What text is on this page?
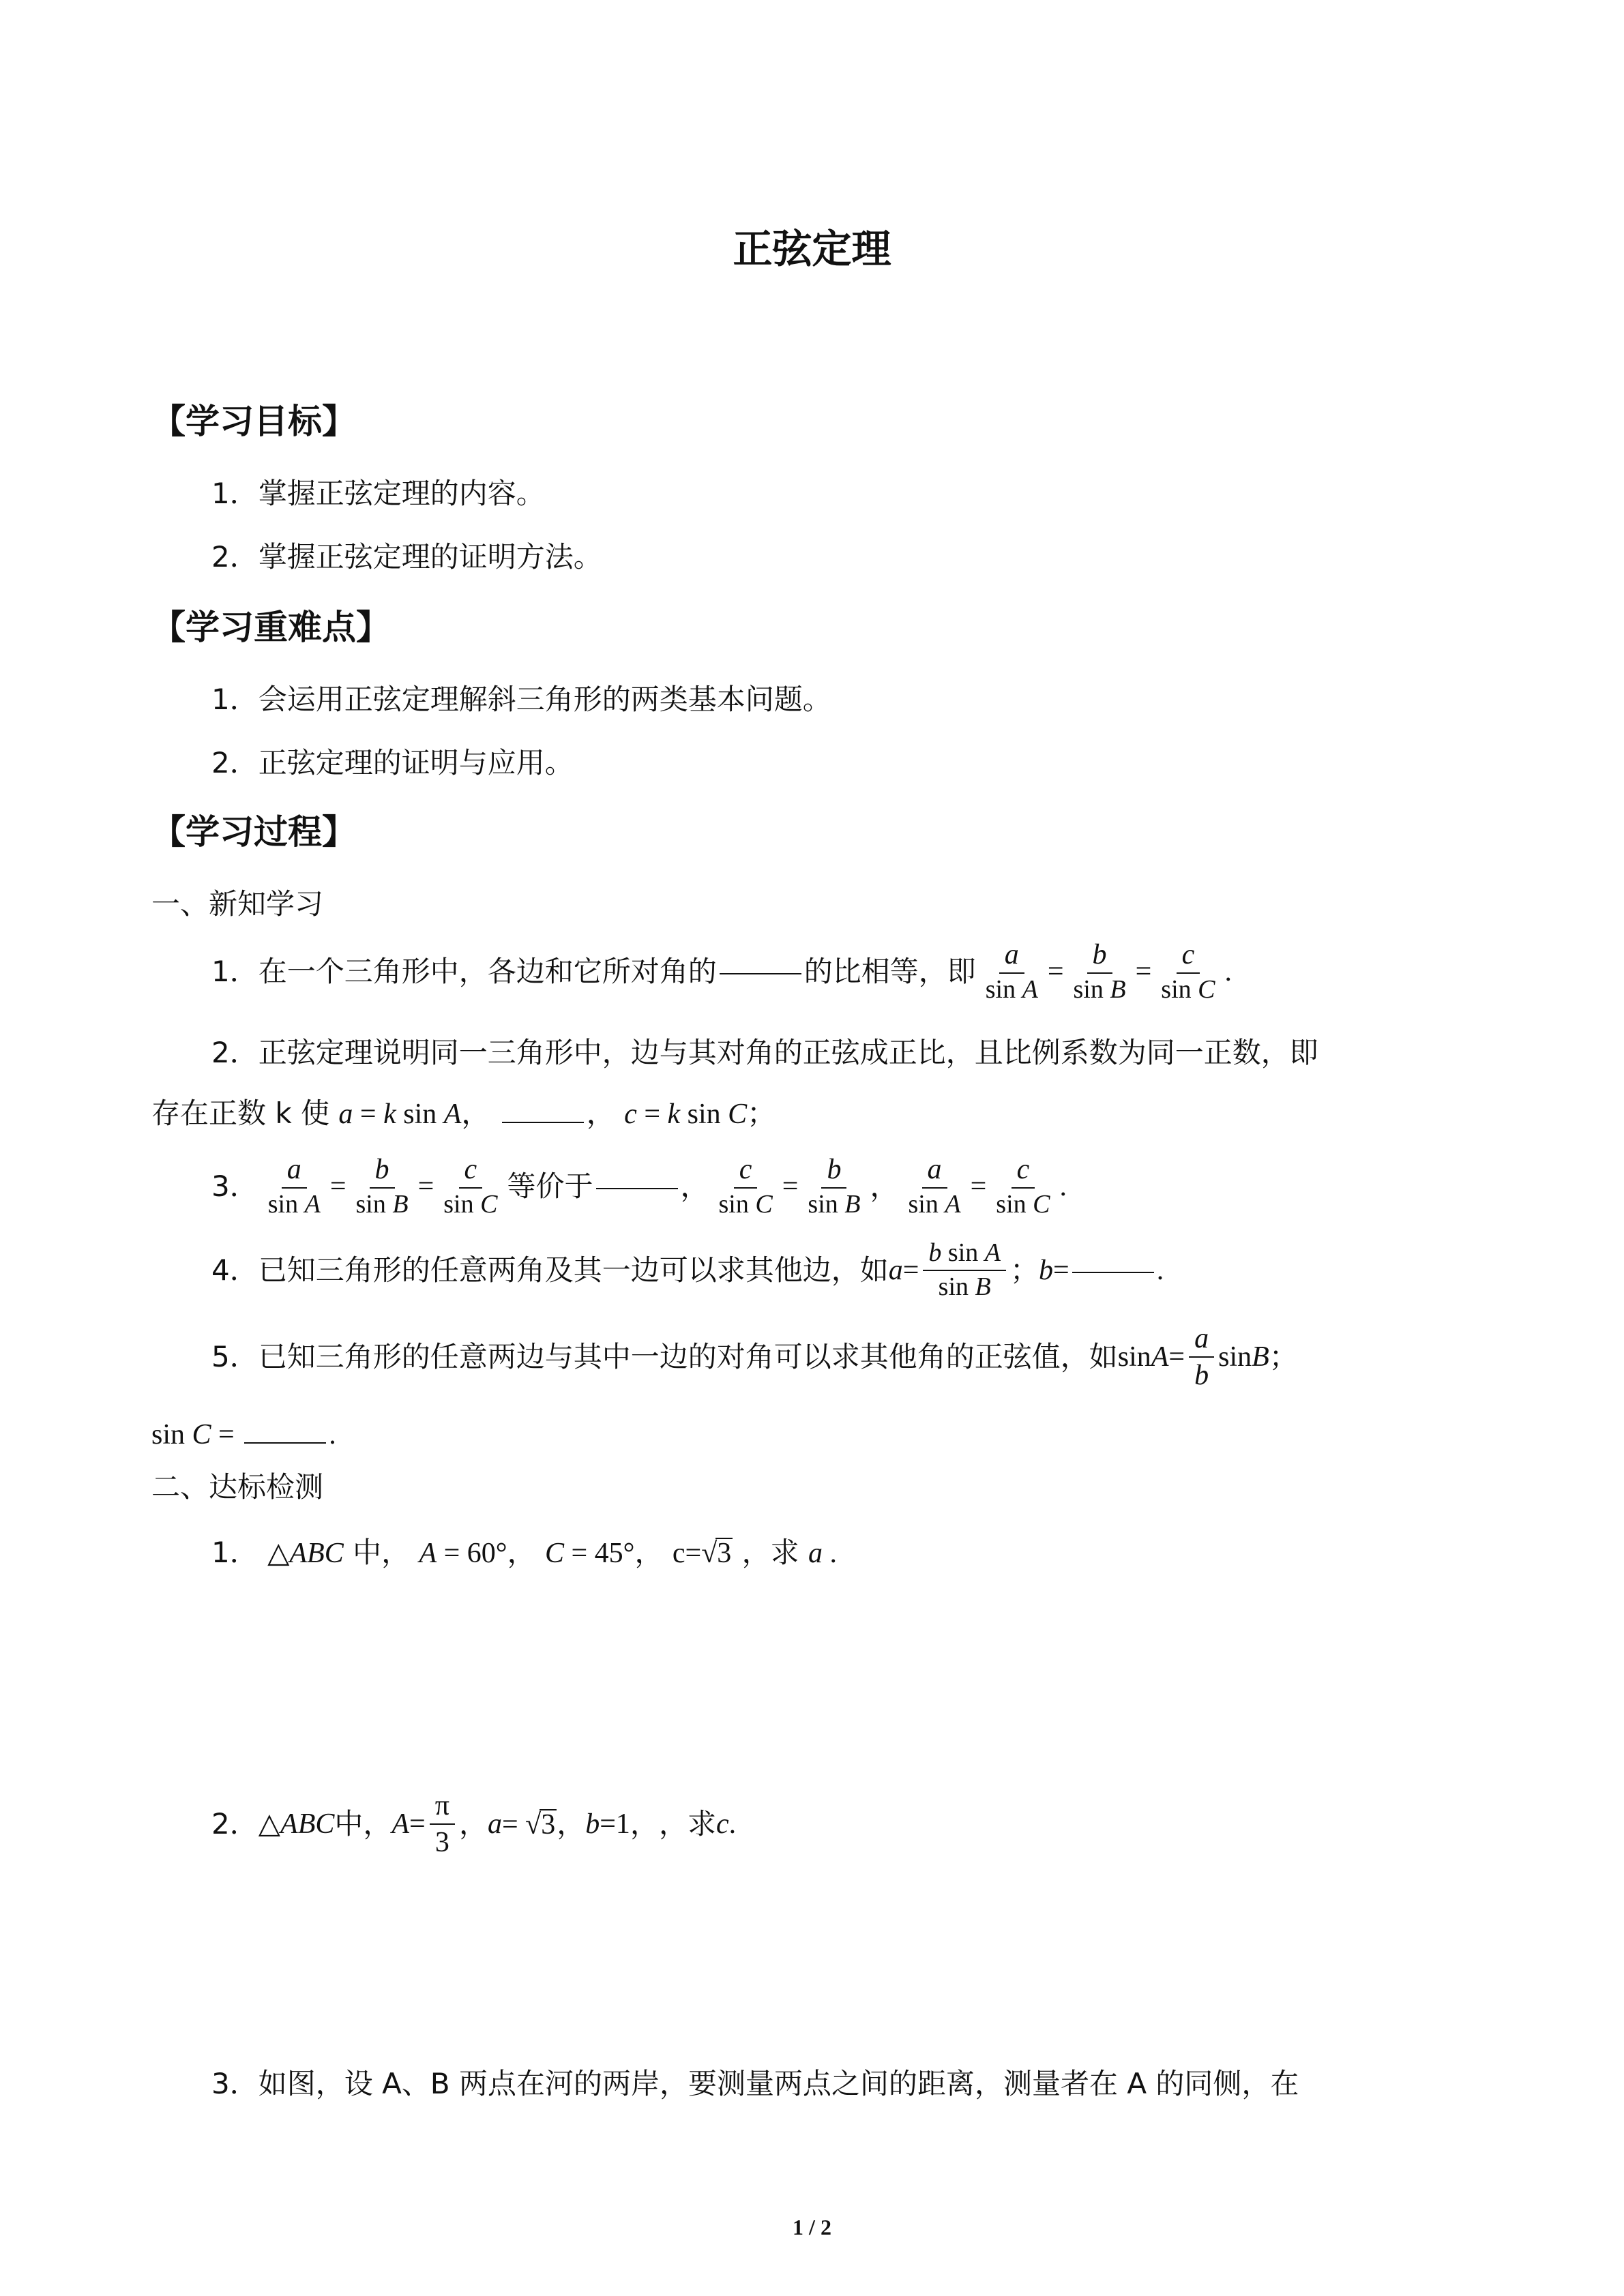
正弦定理
【学习目标】
1．掌握正弦定理的内容。
2．掌握正弦定理的证明方法。
【学习重难点】
1．会运用正弦定理解斜三角形的两类基本问题。
2．正弦定理的证明与应用。
【学习过程】
一、新知学习
1．在一个三角形中，各边和它所对角的	的比相等，即 $\frac{a}{\text{sin A}} = \frac{b}{\text{sin B}} = \frac{c}{\text{sin C}}$ .
2．正弦定理说明同一三角形中，边与其对角的正弦成正比，且比例系数为同一正数，即
存在正数 k 使 a = k sin A，	， c = k sin C；
3． $\frac{a}{\text{sin A}} = \frac{b}{\text{sin B}} = \frac{c}{\text{sin C}}$ 等价于	， $\frac{c}{\text{sin C}} = \frac{b}{\text{sin B}}$ ， $\frac{a}{\text{sin A}} = \frac{c}{\text{sin C}}$ .
4．已知三角形的任意两角及其一边可以求其他边，如 $a = \frac{\text{b sin A}}{\text{sin B}}$ ； b =	.
5．已知三角形的任意两边与其中一边的对角可以求其他角的正弦值，如 $\sin A = \frac{a}{b}$ sin B ；
sin C =	.
二、达标检测
1． △ABC 中， A = 60°， C = 45°， c=√3 ，求 a .
2． △ ABC 中， $A = \frac{\pi}{3}$ ， a = √3 ， b =1 ， ，求 c .
3．如图，设 A、B 两点在河的两岸，要测量两点之间的距离，测量者在 A 的同侧，在
1 / 2
